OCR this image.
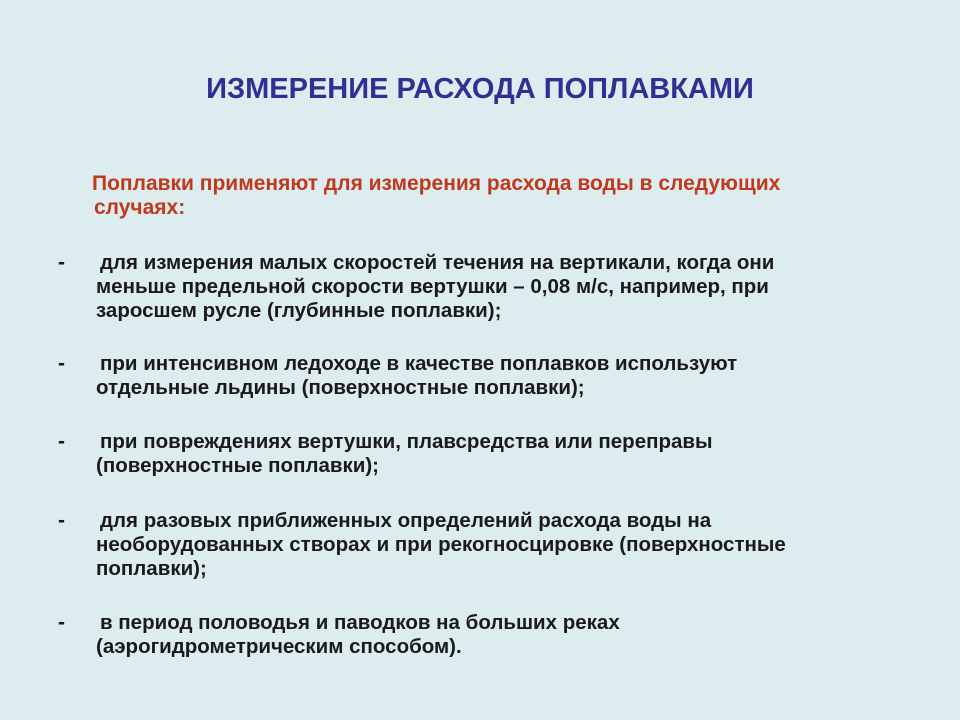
ИЗМЕРЕНИЕ РАСХОДА ПОПЛАВКАМИ

Поплавки применяют для измерения расхода воды в следующих
случаях:

- для измерения малых скоростей течения на вертикали, когда они
меньше предельной скорости вертушки – 0,08 м/с, например, при
заросшем русле (глубинные поплавки);
- при интенсивном ледоходе в качестве поплавков используют
отдельные льдины (поверхностные поплавки);
- при повреждениях вертушки, плавсредства или переправы
(поверхностные поплавки);
- для разовых приближенных определений расхода воды на
необорудованных створах и при рекогносцировке (поверхностные
поплавки);
- в период половодья и паводков на больших реках
(аэрогидрометрическим способом).
